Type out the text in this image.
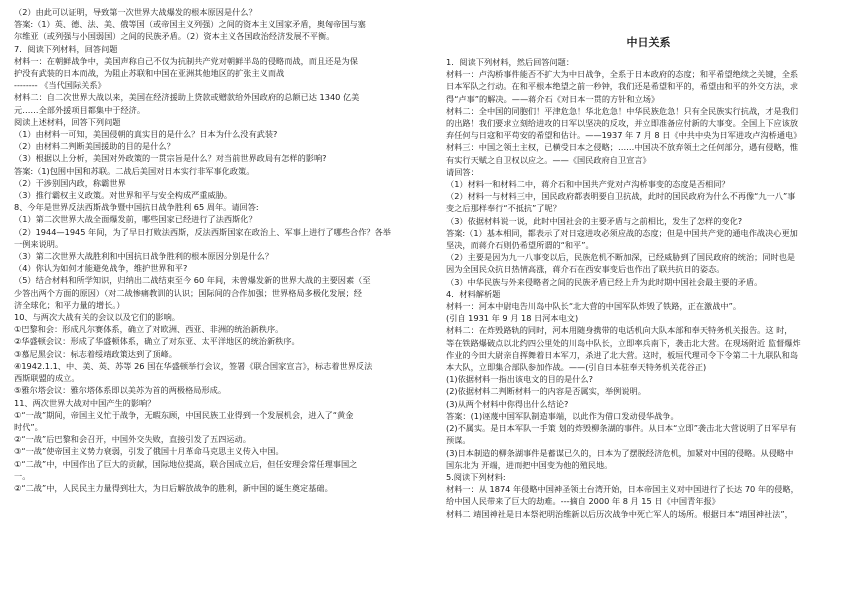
（2）由此可以证明，导致第一次世界大战爆发的根本原因是什么？
答案:（1）英、德、法、美、俄等国（或帝国主义列强）之间的资本主义国家矛盾，奥匈帝国与塞
尔维亚（或列强与小国弱国）之间的民族矛盾。（2）资本主义各国政治经济发展不平衡。
7．阅读下列材料，回答问题
材料一：在朝鲜战争中，美国声称自己不仅为抗制共产党对朝鲜半岛的侵略而战，而且还是为保
护没有武装的日本而战，为阻止苏联和中国在亚洲其他地区的扩张主义而战
-------- 《当代国际关系》
材料二：自二次世界大战以来，美国在经济援助上贷款或赠款给外国政府的总额已达 1340 亿美
元……全部外援项目都集中于经济。
阅读上述材料，回答下列问题
（1）由材料一可知，美国侵朝的真实目的是什么？日本为什么没有武装?
（2）由材料二判断美国援助的目的是什么？
（3）根据以上分析，美国对外政策的一贯宗旨是什么？对当前世界政局有怎样的影响?
答案:（1)包围中国和苏联。二战后美国对日本实行非军事化政策。
（2）干涉别国内政，称霸世界
（3）推行霸权主义政策。对世界和平与安全构成严重威胁。
8、今年是世界反法西斯战争暨中国抗日战争胜利 65 周年。请回答:
（1）第二次世界大战全面爆发前，哪些国家已经进行了法西斯化？
（2）1944—1945 年间，为了早日打败法西斯，反法西斯国家在政治上、军事上进行了哪些合作？各举
一例来说明。
（3）第二次世界大战胜利和中国抗日战争胜利的根本原因分别是什么？
（4）你认为如何才能避免战争，维护世界和平?
（5）结合材料和所学知识，归纳出二战结束至今 60 年间，未曾爆发新的世界大战的主要因素（至
少答出两个方面的原因）（对二战惨痛教训的认识；国际间的合作加强；世界格局多极化发展；经
济全球化；和平力量的增长。）
10、与两次大战有关的会议以及它们的影响。
①巴黎和会：形成凡尔赛体系，确立了对欧洲、西亚、非洲的统治新秩序。
②华盛顿会议：形成了华盛顿体系，确立了对东亚、太平洋地区的统治新秩序。
③慕尼黑会议：标志着绥靖政策达到了顶峰。
④1942.1.1、中、美、英、苏等 26 国在华盛顿举行会议，签署《联合国家宣言》，标志着世界反法
西斯联盟的成立。
⑤雅尔塔会议：雅尔塔体系即以美苏为首的两极格局形成。
11、两次世界大战对中国产生的影响？
①“一战”期间，帝国主义忙于战争，无暇东顾，中国民族工业得到一个发展机会，进入了“黄金
时代”。
②“一战”后巴黎和会召开，中国外交失败，直接引发了五四运动。
③“一战”使帝国主义势力衰弱，引发了俄国十月革命马克思主义传入中国。
①“二战”中，中国作出了巨大的贡献，国际地位提高，联合国成立后，但任安理会常任理事国之
一。
②“二战”中，人民民主力量得到壮大，为日后解放战争的胜利，新中国的诞生奠定基础。
中日关系
1．阅读下列材料，然后回答问题：
材料一：卢沟桥事件能否不扩大为中日战争，全系于日本政府的态度；和平希望绝续之关键，全系
日本军队之行动。在和平根本绝望之前一秒钟，我们还是希望和平的，希望由和平的外交方法，求
得“卢事”的解决。——蒋介石《对日本一贯的方针和立场》
材料二：全中国的同胞们！平津危急！华北危急！中华民族危急！只有全民族实行抗战，才是我们
的出路！我们要求立刻给进攻的日军以坚决的反攻，并立即准备应付新的大事变。全国上下应该放
弃任何与日寇和平苟安的希望和估计。——1937 年 7 月 8 日《中共中央为日军进攻卢沟桥通电》
材料三：中国之领土主权，已横受日本之侵略；……中国决不放弃领土之任何部分，遇有侵略，惟
有实行天赋之自卫权以应之。——《国民政府自卫宣言》
请回答：
（1）材料一和材料二中，蒋介石和中国共产党对卢沟桥事变的态度是否相同？
（2）材料一与材料三中，国民政府都表明要自卫抗战，此时的国民政府为什么不再像“九一八”事
变之后那样奉行“不抵抗”了呢？
（3）依据材料说一说，此时中国社会的主要矛盾与之前相比，发生了怎样的变化?
答案:（1）基本相同，都表示了对日寇进攻必须应战的态度；但是中国共产党的通电作战决心更加
坚决，而蒋介石则仍希望所谓的“和平”。
（2）主要是因为九一八事变以后，民族危机不断加深，已经威胁到了国民政府的统治；同时也是
因为全国民众抗日热情高涨，蒋介石在西安事变后也作出了联共抗日的姿态。
（3）中华民族与外来侵略者之间的民族矛盾已经上升为此时期中国社会最主要的矛盾。
4．材料解析题
材料一：河本中尉电告川岛中队长“北大营的中国军队炸毁了铁路，正在激战中”。
(引自 1931 年 9 月 18 日河本电文)
材料二：在炸毁路轨的同时，河本用随身携带的电话机向大队本部和奉天特务机关报告。这 时，
等在铁路爆破点以北约四公里处的川岛中队长，立即率兵南下，袭击北大营。在现场附近 监督爆炸
作业的今田大尉亲自挥舞着日本军刀，杀进了北大营。这时，板垣代理司令下令第二十九联队和岛
本大队，立即集合部队参加作战。——(引自日本驻奉天特务机关花谷正)
(1)依据材料一指出该电文的目的是什么?
(2)依据材料二判断材料一的内容是否属实，举例说明。
(3)从两个材料中你得出什么结论?
答案：(1)诬蔑中国军队制造事端，以此作为借口发动侵华战争。
(2)不属实。是日本军队一手策 划的炸毁柳条湖的事件。从日本“立即”袭击北大营说明了日军早有
预谋。
(3)日本制造的柳条湖事件是蓄谋已久的，日本为了摆脱经济危机，加紧对中国的侵略。从侵略中
国东北为 开端，进而把中国变为他的殖民地。
5.阅读下列材料:
材料一：从 1874 年侵略中国神圣领土台湾开始，日本帝国主义对中国进行了长达 70 年的侵略，
给中国人民带来了巨大的劫难。---摘自 2000 年 8 月 15 日《中国青年报》
材料二 靖国神社是日本祭祀明治维新以后历次战争中死亡军人的场所。根据日本“靖国神社法”，
